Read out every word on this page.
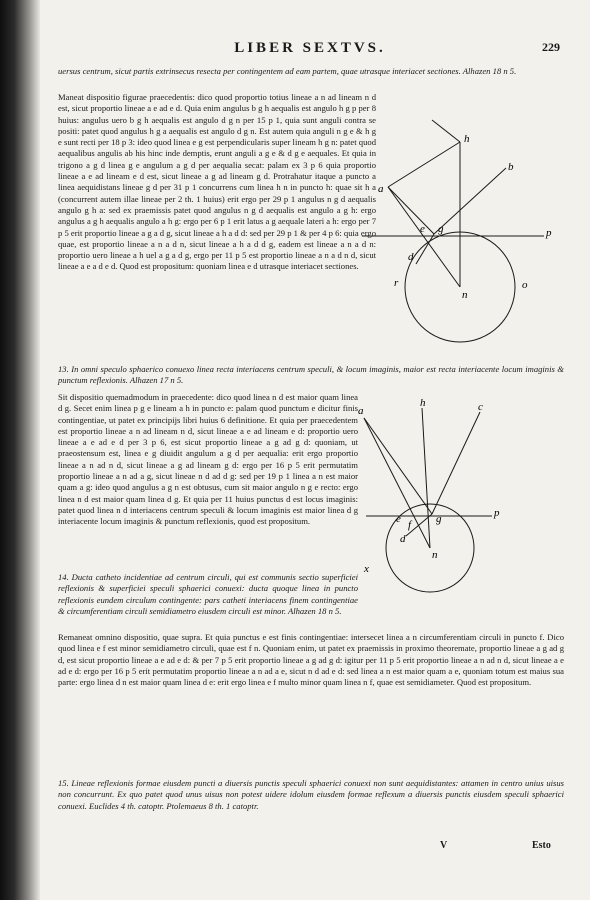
LIBER SEXTVS.	229

uersus centrum, sicut partis extrinsecus resecta per contingentem ad eam partem, quae utrasque interiacet sectiones. Alhazen 18 n 5.

Maneat dispositio figurae praecedentis: dico quod proportio totius lineae a n ad lineam n d est, sicut proportio lineae a e ad e d. Quia enim angulus b g h aequalis est angulo h g p per 8 huius: angulus uero b g h aequalis est angulo d g n per 15 p 1, quia sunt anguli contra se positi: patet quod angulus h g a aequalis est angulo d g n. Est autem quia anguli n g e & h g e sunt recti per 18 p 3: ideo quod linea e g est perpendicularis super lineam h g n: patet quod aequalibus angulis ab his hinc inde demptis, erunt anguli a g e & d g e aequales. Et quia in trigono a g d linea g e angulum a g d per aequalia secat: palam ex 3 p 6 quia proportio lineae a e ad lineam e d est, sicut lineae a g ad lineam g d. Protrahatur itaque a puncto a linea aequidistans lineae g d per 31 p 1 concurrens cum linea h n in puncto h: quae sit h a (concurrent autem illae lineae per 2 th. 1 huius) erit ergo per 29 p 1 angulus n g d aequalis angulo g h a: sed ex praemissis patet quod angulus n g d aequalis est angulo a g h: ergo angulus a g h aequalis angulo a h g: ergo per 6 p 1 erit latus a g aequale lateri a h: ergo per 7 p 5 erit proportio lineae a g a d g, sicut lineae a h a d d: sed per 29 p 1 & per 4 p 6: quia ergo quae, est proportio lineae a n a d n, sicut lineae a h a d d g, eadem est lineae a n a d n: proportio uero lineae a h uel a g a d g, ergo per 11 p 5 est proportio lineae a n a d n d, sicut lineae a e a d e d. Quod est propositum: quoniam linea e d utrasque interiacet sectiones.

13. In omni speculo sphaerico conuexo linea recta interiacens centrum speculi, & locum imaginis, maior est recta interiacente locum imaginis & punctum reflexionis. Alhazen 17 n 5.

Sit dispositio quemadmodum in praecedente: dico quod linea n d est maior quam linea d g. Secet enim linea p g e lineam a h in puncto e: palam quod punctum e dicitur finis contingentiae, ut patet ex principijs libri huius 6 definitione. Et quia per praecedentem est proportio lineae a n ad lineam n d, sicut lineae a e ad lineam e d: proportio uero lineae a e ad e d per 3 p 6, est sicut proportio lineae a g ad g d: quoniam, ut praeostensum est, linea e g diuidit angulum a g d per aequalia: erit ergo proportio lineae a n ad n d, sicut lineae a g ad lineam g d: ergo per 16 p 5 erit permutatim proportio lineae a n ad a g, sicut lineae n d ad d g: sed per 19 p 1 linea a n est maior quam a g: ideo quod angulus a g n est obtusus, cum sit maior angulo n g e recto: ergo linea n d est maior quam linea d g. Et quia per 11 huius punctus d est locus imaginis: patet quod linea n d interiacens centrum speculi & locum imaginis est maior linea d g interiacente locum imaginis & punctum reflexionis, quod est propositum.

14. Ducta catheto incidentiae ad centrum circuli, qui est communis sectio superficiei reflexionis & superficiei speculi sphaerici conuexi: ducta quoque linea in puncto reflexionis eundem circulum contingente: pars catheti interiacens finem contingentiae & circumferentiam circuli semidiametro eiusdem circuli est minor. Alhazen 18 n 5.

Remaneat omnino dispositio, quae supra. Et quia punctus e est finis contingentiae: intersecet linea a n circumferentiam circuli in puncto f. Dico quod linea e f est minor semidiametro circuli, quae est f n. Quoniam enim, ut patet ex praemissis in proximo theoremate, proportio lineae a g ad g d, est sicut proportio lineae a e ad e d: & per 7 p 5 erit proportio lineae a g ad g d: igitur per 11 p 5 erit proportio lineae a n ad n d, sicut lineae a e ad e d: ergo per 16 p 5 erit permutatim proportio lineae a n ad a e, sicut n d ad e d: sed linea a n est maior quam a e, quoniam totum est maius sua parte: ergo linea d n est maior quam linea d e: erit ergo linea e f multo minor quam linea n f, quae est semidiameter. Quod est propositum.

15. Lineae reflexionis formae eiusdem puncti a diuersis punctis speculi sphaerici conuexi non sunt aequidistantes: attamen in centro unius uisus non concurrunt. Ex quo patet quod unus uisus non potest uidere idolum eiusdem formae reflexum a diuersis punctis eiusdem speculi sphaerici conuexi. Euclides 4 th. catoptr. Ptolemaeus 8 th. 1 catoptr.

h
b
a
e g	p
d
n
r	o
a
h	c
e f
d
g	p
n
x
V	Esto
